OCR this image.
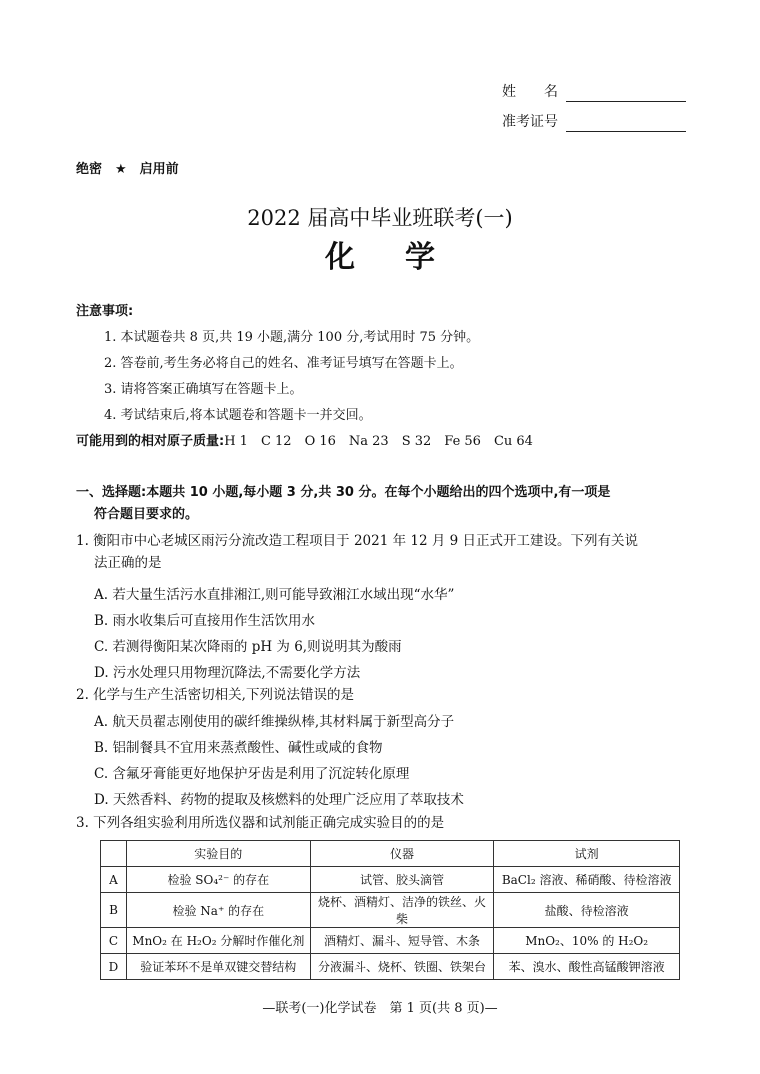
姓　　名
准考证号
绝密　★　启用前
2022 届高中毕业班联考(一)
化学
注意事项:
1. 本试题卷共 8 页,共 19 小题,满分 100 分,考试用时 75 分钟。
2. 答卷前,考生务必将自己的姓名、准考证号填写在答题卡上。
3. 请将答案正确填写在答题卡上。
4. 考试结束后,将本试题卷和答题卡一并交回。
可能用到的相对原子质量:H 1　C 12　O 16　Na 23　S 32　Fe 56　Cu 64
一、选择题:本题共 10 小题,每小题 3 分,共 30 分。在每个小题给出的四个选项中,有一项是
符合题目要求的。
1. 衡阳市中心老城区雨污分流改造工程项目于 2021 年 12 月 9 日正式开工建设。下列有关说
法正确的是
A. 若大量生活污水直排湘江,则可能导致湘江水域出现“水华”
B. 雨水收集后可直接用作生活饮用水
C. 若测得衡阳某次降雨的 pH 为 6,则说明其为酸雨
D. 污水处理只用物理沉降法,不需要化学方法
2. 化学与生产生活密切相关,下列说法错误的是
A. 航天员翟志刚使用的碳纤维操纵棒,其材料属于新型高分子
B. 铝制餐具不宜用来蒸煮酸性、碱性或咸的食物
C. 含氟牙膏能更好地保护牙齿是利用了沉淀转化原理
D. 天然香料、药物的提取及核燃料的处理广泛应用了萃取技术
3. 下列各组实验利用所选仪器和试剂能正确完成实验目的的是
	实验目的	仪器	试剂
A	检验 SO₄²⁻ 的存在	试管、胶头滴管	BaCl₂ 溶液、稀硝酸、待检溶液
B	检验 Na⁺ 的存在	烧杯、酒精灯、洁净的铁丝、火柴	盐酸、待检溶液
C	MnO₂ 在 H₂O₂ 分解时作催化剂	酒精灯、漏斗、短导管、木条	MnO₂、10% 的 H₂O₂
D	验证苯环不是单双键交替结构	分液漏斗、烧杯、铁圈、铁架台	苯、溴水、酸性高锰酸钾溶液
—联考(一)化学试卷　第 1 页(共 8 页)—
